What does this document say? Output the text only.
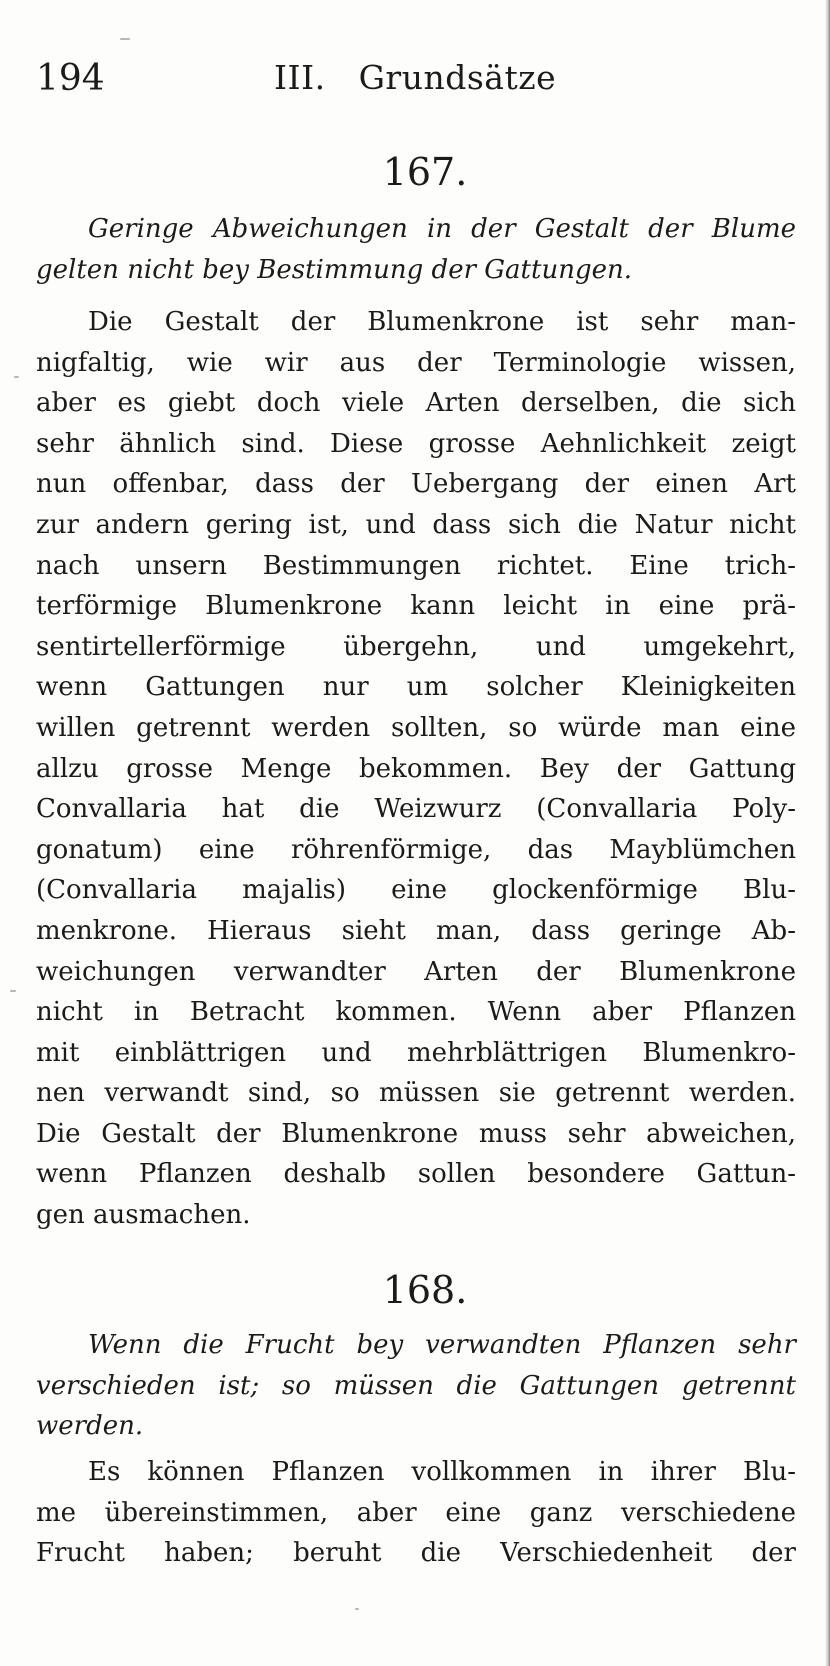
194	III.   Grundsätze
167.
Geringe Abweichungen in der Gestalt der Blume
gelten nicht bey Bestimmung der Gattungen.
Die Gestalt der Blumenkrone ist sehr man-
nigfaltig, wie wir aus der Terminologie wissen,
aber es giebt doch viele Arten derselben, die sich
sehr ähnlich sind. Diese grosse Aehnlichkeit zeigt
nun offenbar, dass der Uebergang der einen Art
zur andern gering ist, und dass sich die Natur nicht
nach unsern Bestimmungen richtet. Eine trich-
terförmige Blumenkrone kann leicht in eine prä-
sentirtellerförmige übergehn, und umgekehrt,
wenn Gattungen nur um solcher Kleinigkeiten
willen getrennt werden sollten, so würde man eine
allzu grosse Menge bekommen. Bey der Gattung
Convallaria hat die Weizwurz (Convallaria Poly-
gonatum) eine röhrenförmige, das Mayblümchen
(Convallaria majalis) eine glockenförmige Blu-
menkrone. Hieraus sieht man, dass geringe Ab-
weichungen verwandter Arten der Blumenkrone
nicht in Betracht kommen. Wenn aber Pflanzen
mit einblättrigen und mehrblättrigen Blumenkro-
nen verwandt sind, so müssen sie getrennt werden.
Die Gestalt der Blumenkrone muss sehr abweichen,
wenn Pflanzen deshalb sollen besondere Gattun-
gen ausmachen.
168.
Wenn die Frucht bey verwandten Pflanzen sehr
verschieden ist; so müssen die Gattungen getrennt
werden.
Es können Pflanzen vollkommen in ihrer Blu-
me übereinstimmen, aber eine ganz verschiedene
Frucht haben; beruht die Verschiedenheit der
